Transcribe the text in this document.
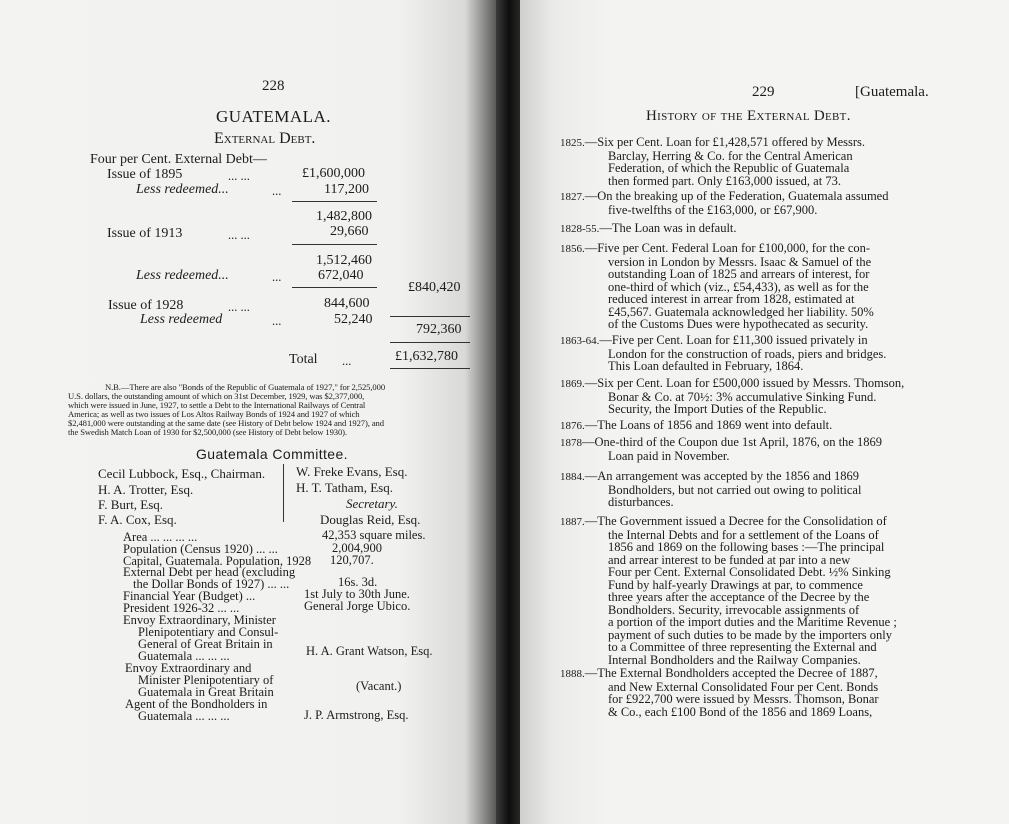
228
GUATEMALA.
External Debt.
Four per Cent. External Debt—
Issue of 1895	... ...	£1,600,000
Less redeemed...	...	117,200
1,482,800
Issue of 1913	... ...	29,660
1,512,460
Less redeemed...	...	672,040
£840,420
Issue of 1928	... ...	844,600
Less redeemed	...	52,240
792,360
Total ...	£1,632,780
N.B.—There are also "Bonds of the Republic of Guatemala of 1927," for 2,525,000
U.S. dollars, the outstanding amount of which on 31st December, 1929, was $2,377,000,
which were issued in June, 1927, to settle a Debt to the International Railways of Central
America; as well as two issues of Los Altos Railway Bonds of 1924 and 1927 of which
$2,481,000 were outstanding at the same date (see History of Debt below 1924 and 1927), and
the Swedish Match Loan of 1930 for $2,500,000 (see History of Debt below 1930).
Guatemala Committee.
Cecil Lubbock, Esq., Chairman.
H. A. Trotter, Esq.
F. Burt, Esq.
F. A. Cox, Esq.
W. Freke Evans, Esq.
H. T. Tatham, Esq.
Secretary.
Douglas Reid, Esq.
Area ... ... ... ...	42,353 square miles.
Population (Census 1920) ... ...	2,004,900
Capital, Guatemala. Population, 1928 120,707.
External Debt per head (excluding
the Dollar Bonds of 1927) ... ...	16s. 3d.
Financial Year (Budget) ...	1st July to 30th June.
President 1926-32 ... ...	General Jorge Ubico.
Envoy Extraordinary, Minister
Plenipotentiary and Consul-
General of Great Britain in
Guatemala ... ... ...	H. A. Grant Watson, Esq.
Envoy Extraordinary and
Minister Plenipotentiary of
Guatemala in Great Britain	(Vacant.)
Agent of the Bondholders in
Guatemala ... ... ...	J. P. Armstrong, Esq.
229	[Guatemala.
History of the External Debt.
1825.—Six per Cent. Loan for £1,428,571 offered by Messrs.
Barclay, Herring & Co. for the Central American
Federation, of which the Republic of Guatemala
then formed part. Only £163,000 issued, at 73.
1827.—On the breaking up of the Federation, Guatemala assumed
five-twelfths of the £163,000, or £67,900.
1828-55.—The Loan was in default.
1856.—Five per Cent. Federal Loan for £100,000, for the con-
version in London by Messrs. Isaac & Samuel of the
outstanding Loan of 1825 and arrears of interest, for
one-third of which (viz., £54,433), as well as for the
reduced interest in arrear from 1828, estimated at
£45,567. Guatemala acknowledged her liability. 50%
of the Customs Dues were hypothecated as security.
1863-64.—Five per Cent. Loan for £11,300 issued privately in
London for the construction of roads, piers and bridges.
This Loan defaulted in February, 1864.
1869.—Six per Cent. Loan for £500,000 issued by Messrs. Thomson,
Bonar & Co. at 70½: 3% accumulative Sinking Fund.
Security, the Import Duties of the Republic.
1876.—The Loans of 1856 and 1869 went into default.
1878—One-third of the Coupon due 1st April, 1876, on the 1869
Loan paid in November.
1884.—An arrangement was accepted by the 1856 and 1869
Bondholders, but not carried out owing to political
disturbances.
1887.—The Government issued a Decree for the Consolidation of
the Internal Debts and for a settlement of the Loans of
1856 and 1869 on the following bases :—The principal
and arrear interest to be funded at par into a new
Four per Cent. External Consolidated Debt. ½% Sinking
Fund by half-yearly Drawings at par, to commence
three years after the acceptance of the Decree by the
Bondholders. Security, irrevocable assignments of
a portion of the import duties and the Maritime Revenue ;
payment of such duties to be made by the importers only
to a Committee of three representing the External and
Internal Bondholders and the Railway Companies.
1888.—The External Bondholders accepted the Decree of 1887,
and New External Consolidated Four per Cent. Bonds
for £922,700 were issued by Messrs. Thomson, Bonar
& Co., each £100 Bond of the 1856 and 1869 Loans,
